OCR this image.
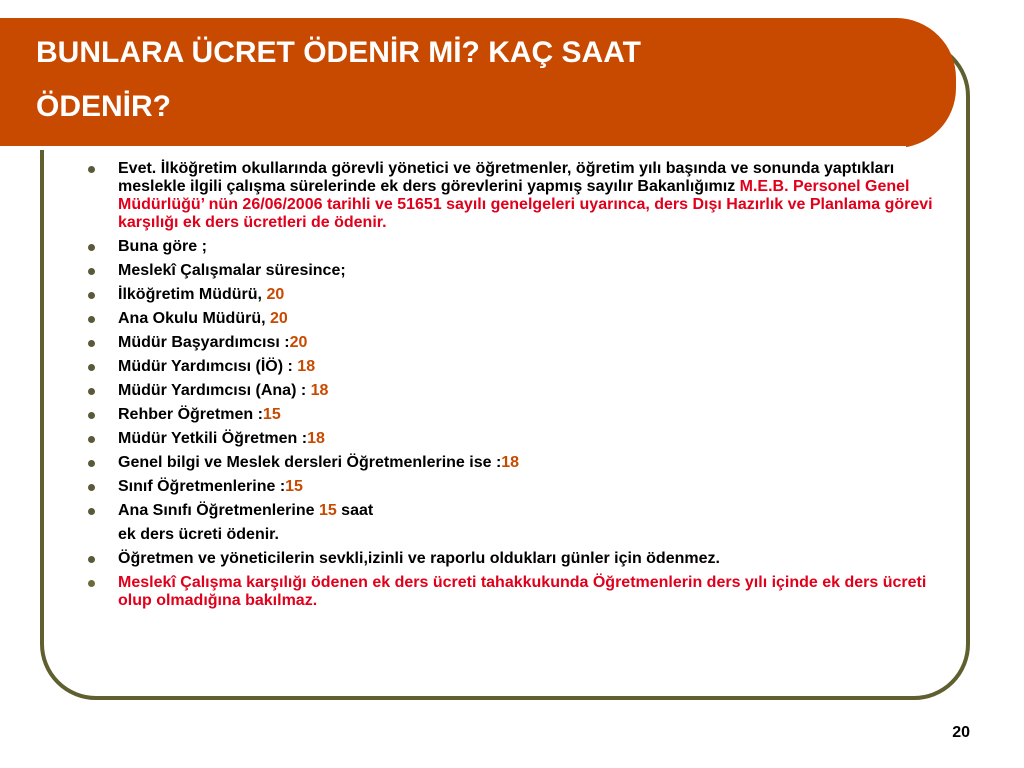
BUNLARA ÜCRET ÖDENİR Mİ? KAÇ SAAT
ÖDENİR?
Evet. İlköğretim okullarında görevli yönetici ve öğretmenler, öğretim yılı başında ve sonunda yaptıkları meslekle ilgili çalışma sürelerinde ek ders görevlerini yapmış sayılır Bakanlığımız M.E.B. Personel Genel Müdürlüğü’ nün 26/06/2006 tarihli ve 51651 sayılı genelgeleri uyarınca, ders Dışı Hazırlık ve Planlama görevi karşılığı ek ders ücretleri de ödenir.
Buna göre ;
Meslekî Çalışmalar süresince;
İlköğretim Müdürü, 20
Ana Okulu Müdürü, 20
Müdür Başyardımcısı :20
Müdür Yardımcısı (İÖ) : 18
Müdür Yardımcısı (Ana) : 18
Rehber Öğretmen :15
Müdür Yetkili Öğretmen :18
Genel bilgi ve Meslek dersleri Öğretmenlerine ise :18
Sınıf Öğretmenlerine :15
Ana Sınıfı Öğretmenlerine 15 saat
ek ders ücreti ödenir.
Öğretmen ve yöneticilerin sevkli,izinli ve raporlu oldukları günler için ödenmez.
Meslekî Çalışma karşılığı ödenen ek ders ücreti tahakkukunda Öğretmenlerin ders yılı içinde ek ders ücreti olup olmadığına bakılmaz.
20
